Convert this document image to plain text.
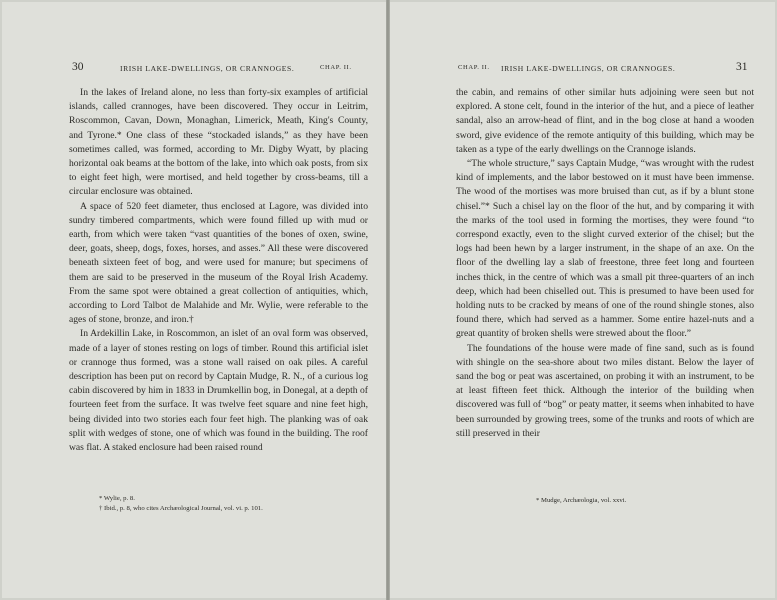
30	IRISH LAKE-DWELLINGS, OR CRANNOGES.	CHAP. II.

In the lakes of Ireland alone, no less than forty-six examples of artificial islands, called crannoges, have been discovered. They occur in Leitrim, Roscommon, Cavan, Down, Monaghan, Limerick, Meath, King's County, and Tyrone.* One class of these “stockaded islands,” as they have been sometimes called, was formed, according to Mr. Digby Wyatt, by placing horizontal oak beams at the bottom of the lake, into which oak posts, from six to eight feet high, were mortised, and held together by cross-beams, till a circular enclosure was obtained.

A space of 520 feet diameter, thus enclosed at Lagore, was divided into sundry timbered compartments, which were found filled up with mud or earth, from which were taken “vast quantities of the bones of oxen, swine, deer, goats, sheep, dogs, foxes, horses, and asses.” All these were discovered beneath sixteen feet of bog, and were used for manure; but specimens of them are said to be preserved in the museum of the Royal Irish Academy. From the same spot were obtained a great collection of antiquities, which, according to Lord Talbot de Malahide and Mr. Wylie, were referable to the ages of stone, bronze, and iron.†

In Ardekillin Lake, in Roscommon, an islet of an oval form was observed, made of a layer of stones resting on logs of timber. Round this artificial islet or crannoge thus formed, was a stone wall raised on oak piles. A careful description has been put on record by Captain Mudge, R. N., of a curious log cabin discovered by him in 1833 in Drumkellin bog, in Donegal, at a depth of fourteen feet from the surface. It was twelve feet square and nine feet high, being divided into two stories each four feet high. The planking was of oak split with wedges of stone, one of which was found in the building. The roof was flat. A staked enclosure had been raised round

* Wylie, p. 8.
† Ibid., p. 8, who cites Archæological Journal, vol. vi. p. 101.
CHAP. II. IRISH LAKE-DWELLINGS, OR CRANNOGES.	31

the cabin, and remains of other similar huts adjoining were seen but not explored. A stone celt, found in the interior of the hut, and a piece of leather sandal, also an arrow-head of flint, and in the bog close at hand a wooden sword, give evidence of the remote antiquity of this building, which may be taken as a type of the early dwellings on the Crannoge islands.

“The whole structure,” says Captain Mudge, “was wrought with the rudest kind of implements, and the labor bestowed on it must have been immense. The wood of the mortises was more bruised than cut, as if by a blunt stone chisel.”* Such a chisel lay on the floor of the hut, and by comparing it with the marks of the tool used in forming the mortises, they were found “to correspond exactly, even to the slight curved exterior of the chisel; but the logs had been hewn by a larger instrument, in the shape of an axe. On the floor of the dwelling lay a slab of freestone, three feet long and fourteen inches thick, in the centre of which was a small pit three-quarters of an inch deep, which had been chiselled out. This is presumed to have been used for holding nuts to be cracked by means of one of the round shingle stones, also found there, which had served as a hammer. Some entire hazel-nuts and a great quantity of broken shells were strewed about the floor.”

The foundations of the house were made of fine sand, such as is found with shingle on the sea-shore about two miles distant. Below the layer of sand the bog or peat was ascertained, on probing it with an instrument, to be at least fifteen feet thick. Although the interior of the building when discovered was full of “bog” or peaty matter, it seems when inhabited to have been surrounded by growing trees, some of the trunks and roots of which are still preserved in their

* Mudge, Archæologia, vol. xxvi.
